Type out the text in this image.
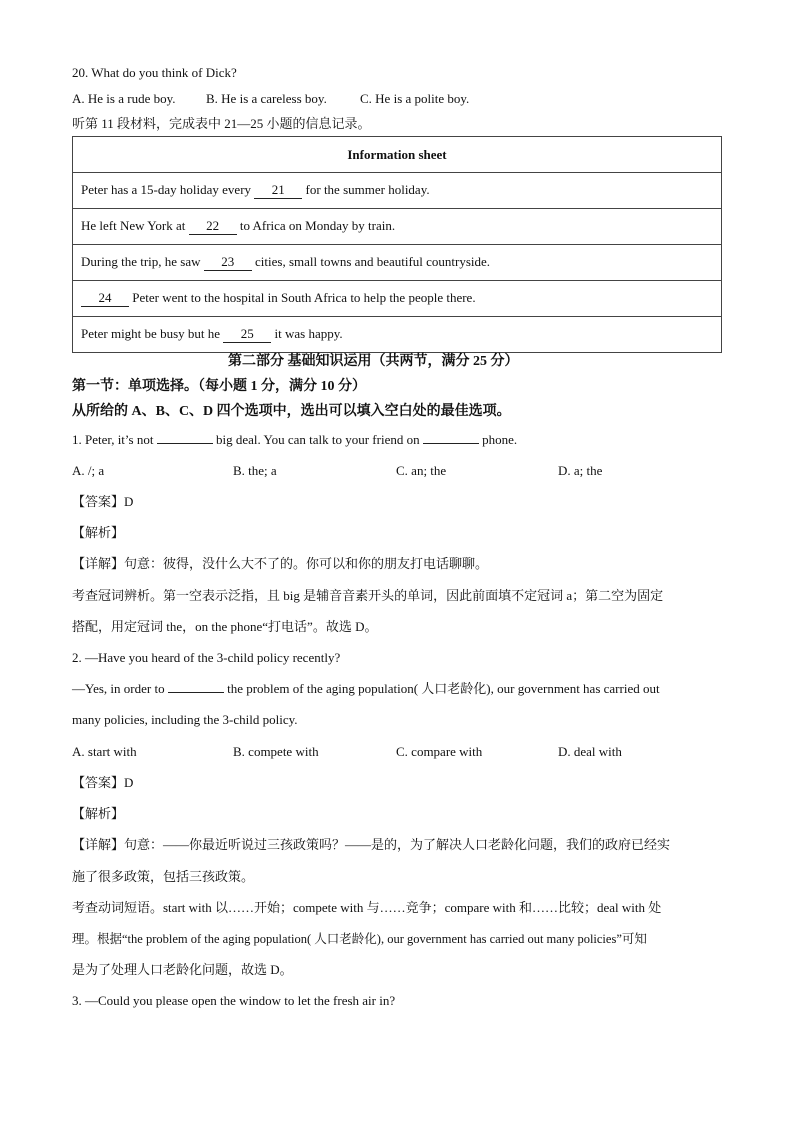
20. What do you think of Dick?
A. He is a rude boy. B. He is a careless boy.	C. He is a polite boy.
听第 11 段材料，完成表中 21—25 小题的信息记录。
Information sheet
Peter has a 15-day holiday every 21 for the summer holiday.
He left New York at 22 to Africa on Monday by train.
During the trip, he saw 23 cities, small towns and beautiful countryside.
24 Peter went to the hospital in South Africa to help the people there.
Peter might be busy but he 25 it was happy.
第二部分 基础知识运用（共两节，满分 25 分）
第一节：单项选择。（每小题 1 分，满分 10 分）
从所给的 A、B、C、D 四个选项中，选出可以填入空白处的最佳选项。
1. Peter, it’s not	big deal. You can talk to your friend on	phone.
A. /; a	B. the; a	C. an; the	D. a; the
【答案】D
【解析】
【详解】句意：彼得，没什么大不了的。你可以和你的朋友打电话聊聊。
考查冠词辨析。第一空表示泛指，且 big 是辅音音素开头的单词，因此前面填不定冠词 a；第二空为固定
搭配，用定冠词 the，on the phone“打电话”。故选 D。
2. —Have you heard of the 3-child policy recently?
—Yes, in order to	the problem of the aging population( 人口老龄化), our government has carried out
many policies, including the 3-child policy.
A. start with	B. compete with	C. compare with	D. deal with
【答案】D
【解析】
【详解】句意：——你最近听说过三孩政策吗？——是的，为了解决人口老龄化问题，我们的政府已经实
施了很多政策，包括三孩政策。
考查动词短语。start with 以……开始；compete with 与……竞争；compare with 和……比较；deal with 处
理。根据“the problem of the aging population( 人口老龄化), our government has carried out many policies”可知
是为了处理人口老龄化问题，故选 D。
3. —Could you please open the window to let the fresh air in?
